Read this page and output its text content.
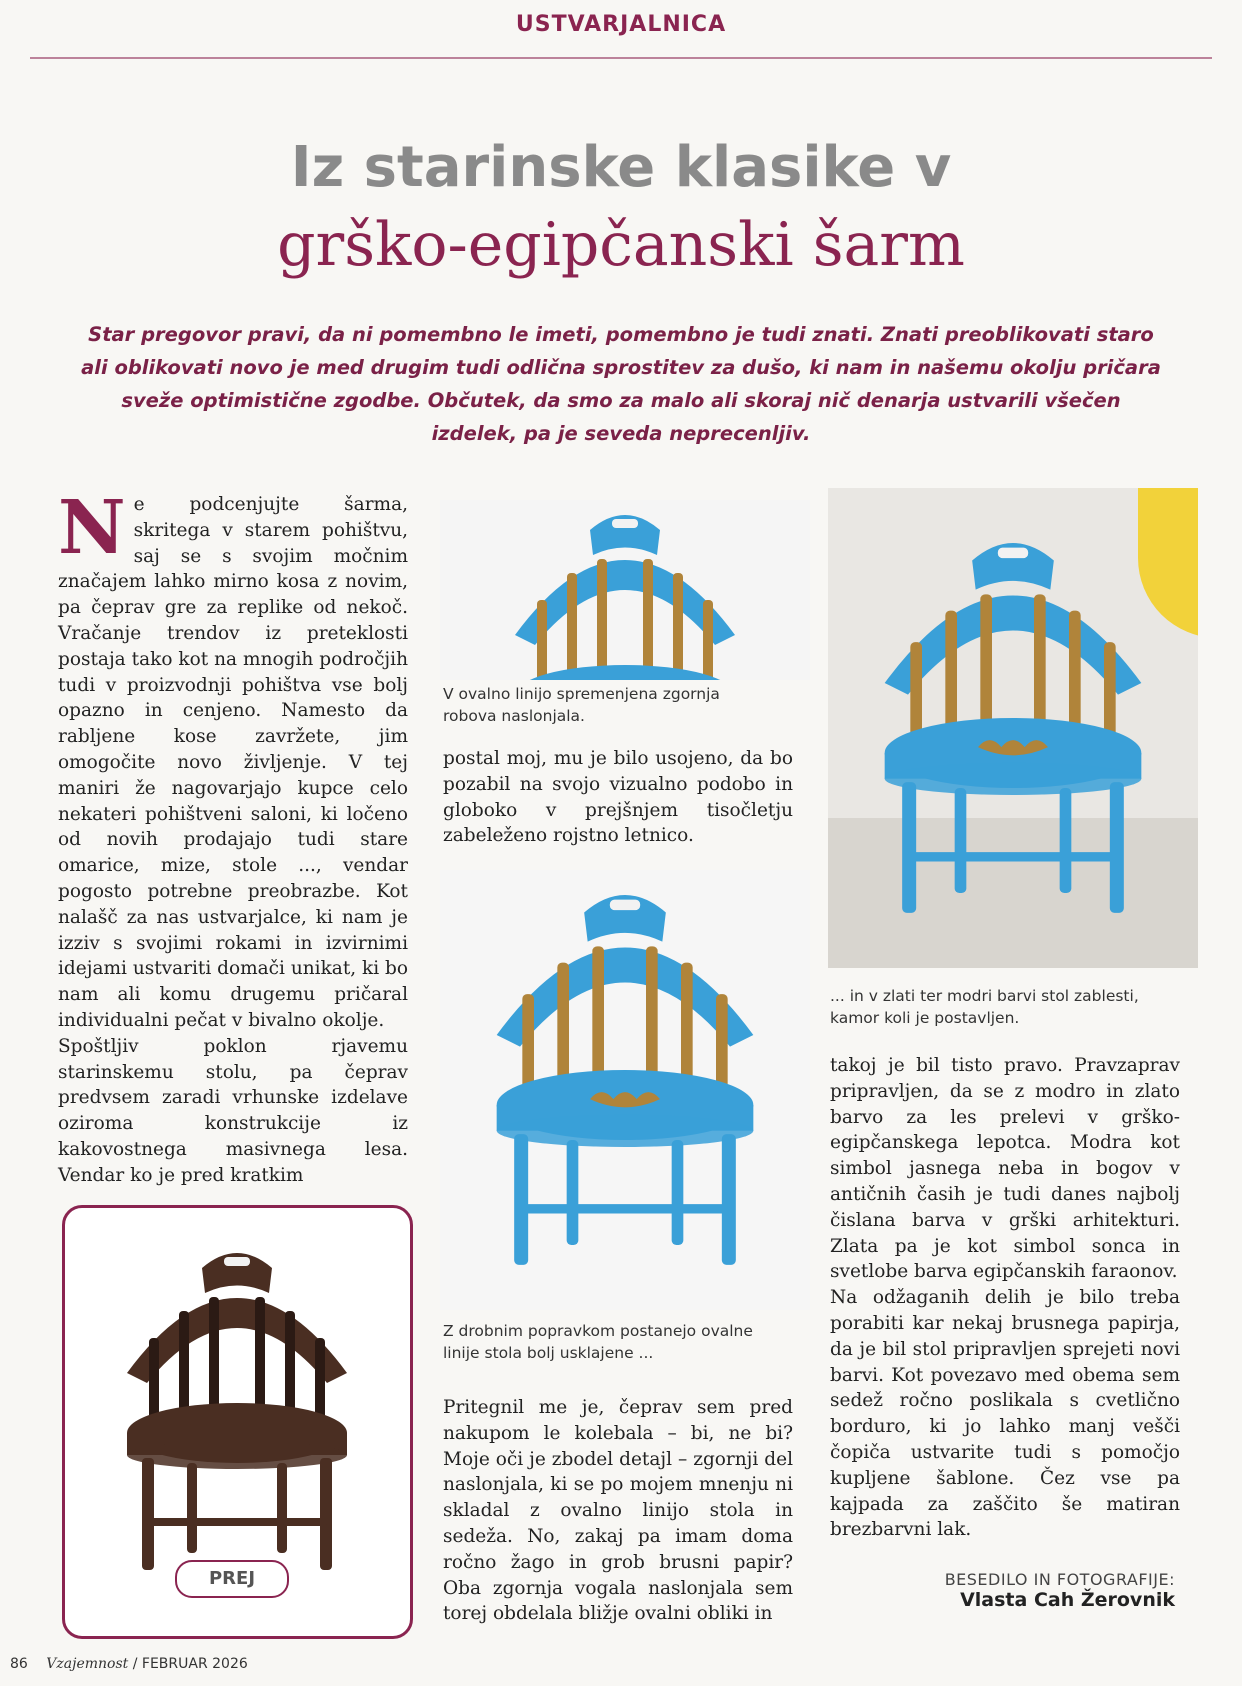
USTVARJALNICA
Iz starinske klasike v
grško-egipčanski šarm
Star pregovor pravi, da ni pomembno le imeti, pomembno je tudi znati. Znati preoblikovati staro ali oblikovati novo je med drugim tudi odlična sprostitev za dušo, ki nam in našemu okolju pričara sveže optimistične zgodbe. Občutek, da smo za malo ali skoraj nič denarja ustvarili všečen izdelek, pa je seveda neprecenljiv.

Ne podcenjujte šarma, skritega v starem pohištvu, saj se s svojim močnim značajem lahko mirno kosa z novim, pa čeprav gre za replike od nekoč. Vračanje trendov iz preteklosti postaja tako kot na mnogih področjih tudi v proizvodnji pohištva vse bolj opazno in cenjeno. Namesto da rabljene kose zavržete, jim omogočite novo življenje. V tej maniri že nagovarjajo kupce celo nekateri pohištveni saloni, ki ločeno od novih prodajajo tudi stare omarice, mize, stole ..., vendar pogosto potrebne preobrazbe. Kot nalašč za nas ustvarjalce, ki nam je izziv s svojimi rokami in izvirnimi idejami ustvariti domači unikat, ki bo nam ali komu drugemu pričaral individualni pečat v bivalno okolje.

Spoštljiv poklon rjavemu starinskemu stolu, pa čeprav predvsem zaradi vrhunske izdelave oziroma konstrukcije iz kakovostnega masivnega lesa. Vendar ko je pred kratkim

PREJ
V ovalno linijo spremenjena zgornja robova naslonjala.
postal moj, mu je bilo usojeno, da bo pozabil na svojo vizualno podobo in globoko v prejšnjem tisočletju zabeleženo rojstno letnico.
Z drobnim popravkom postanejo ovalne linije stola bolj usklajene ...
Pritegnil me je, čeprav sem pred nakupom le kolebala – bi, ne bi? Moje oči je zbodel detajl – zgornji del naslonjala, ki se po mojem mnenju ni skladal z ovalno linijo stola in sedeža. No, zakaj pa imam doma ročno žago in grob brusni papir? Oba zgornja vogala naslonjala sem torej obdelala bližje ovalni obliki in
... in v zlati ter modri barvi stol zablesti, kamor koli je postavljen.

takoj je bil tisto pravo. Pravzaprav pripravljen, da se z modro in zlato barvo za les prelevi v grško-egipčanskega lepotca. Modra kot simbol jasnega neba in bogov v antičnih časih je tudi danes najbolj čislana barva v grški arhitekturi. Zlata pa je kot simbol sonca in svetlobe barva egipčanskih faraonov.

Na odžaganih delih je bilo treba porabiti kar nekaj brusnega papirja, da je bil stol pripravljen sprejeti novi barvi. Kot povezavo med obema sem sedež ročno poslikala s cvetlično borduro, ki jo lahko manj vešči čopiča ustvarite tudi s pomočjo kupljene šablone. Čez vse pa kajpada za zaščito še matiran brezbarvni lak.

BESEDILO IN FOTOGRAFIJE:
Vlasta Cah Žerovnik
86 Vzajemnost / FEBRUAR 2026
